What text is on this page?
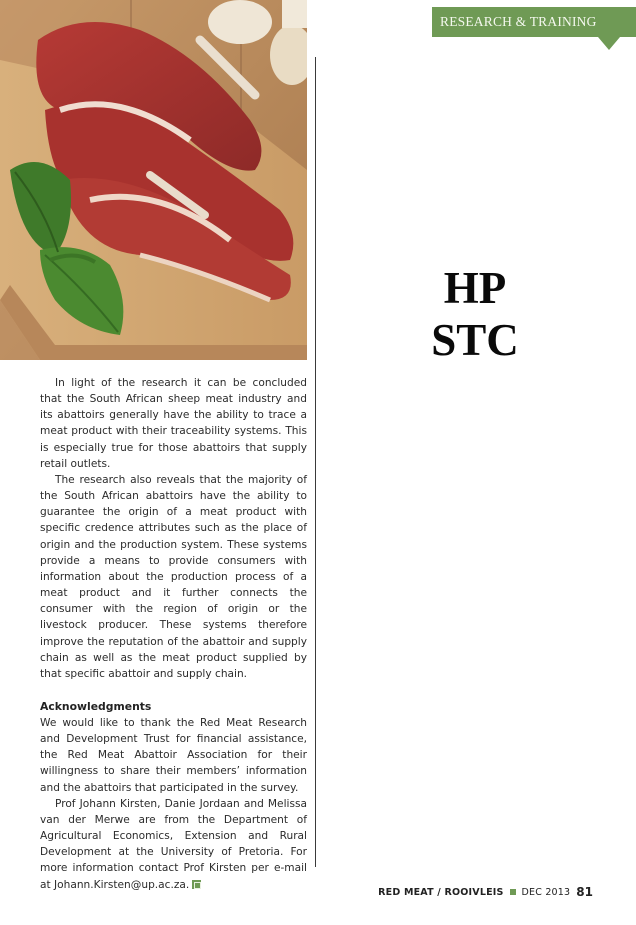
RESEARCH & TRAINING
HP
STC

In light of the research it can be concluded that the South African sheep meat industry and its abattoirs generally have the ability to trace a meat product with their traceability systems. This is especially true for those abattoirs that supply retail outlets.

The research also reveals that the majority of the South African abattoirs have the ability to guarantee the origin of a meat product with specific credence attributes such as the place of origin and the production system. These systems provide a means to provide consumers with information about the production process of a meat product and it further connects the consumer with the region of origin or the livestock producer. These systems therefore improve the reputation of the abattoir and supply chain as well as the meat product supplied by that specific abattoir and supply chain.

Acknowledgments

We would like to thank the Red Meat Research and Development Trust for financial assistance, the Red Meat Abattoir Association for their willingness to share their members’ information and the abattoirs that participated in the survey.

Prof Johann Kirsten, Danie Jordaan and Melissa van der Merwe are from the Department of Agricultural Economics, Extension and Rural Development at the University of Pretoria. For more information contact Prof Kirsten per e-mail at Johann.Kirsten@up.ac.za.

RED MEAT / ROOIVLEIS DEC 2013 81
